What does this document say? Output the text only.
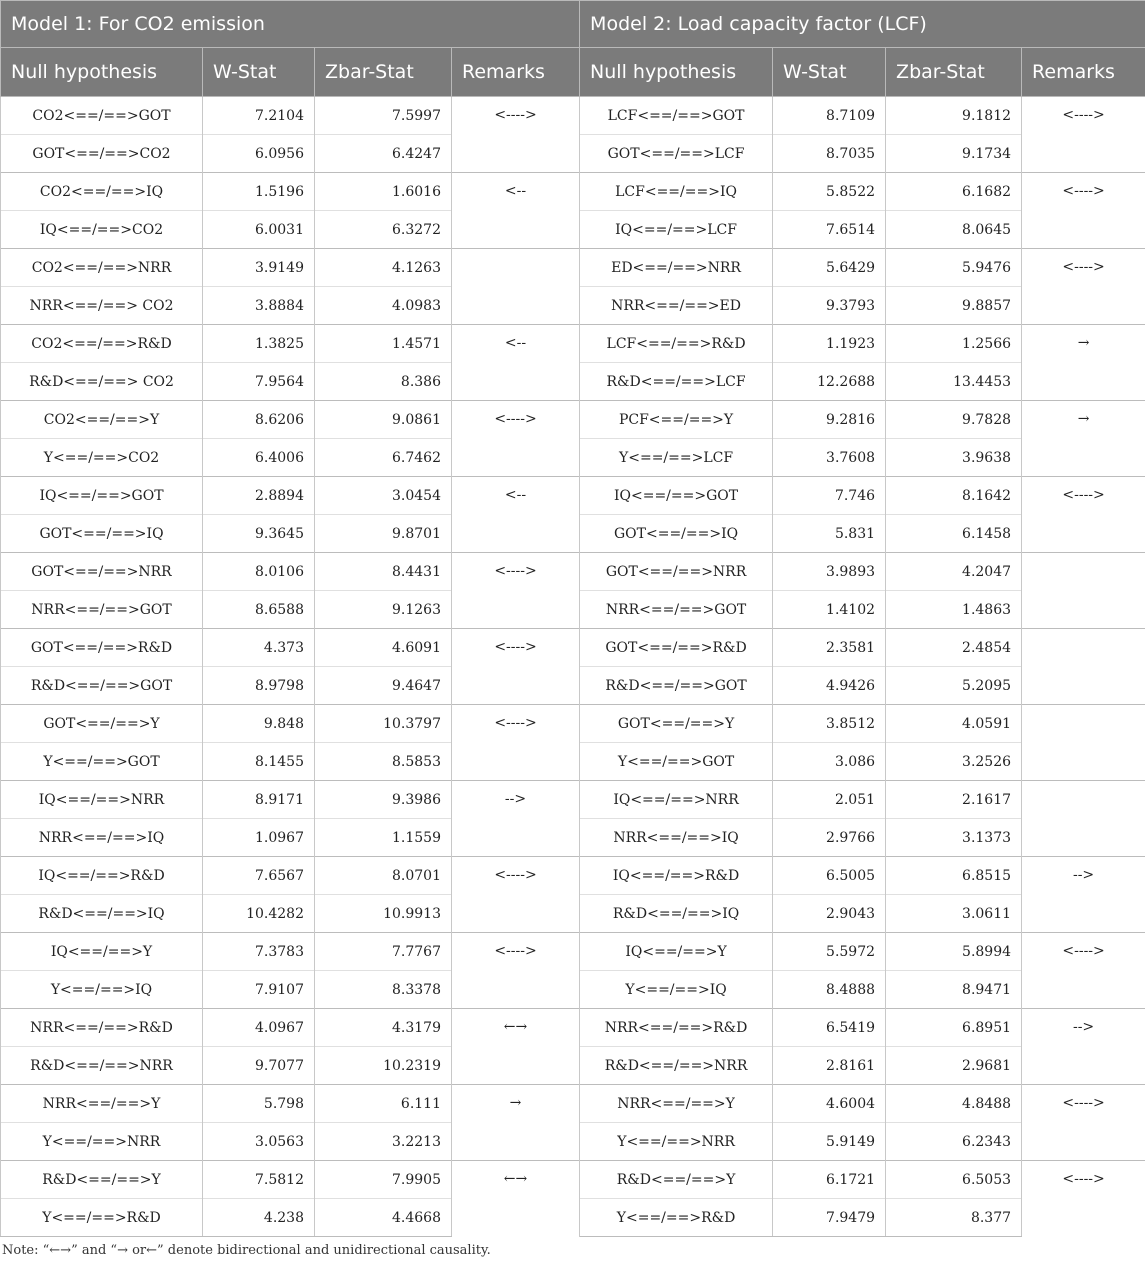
Model 1: For CO2 emission				Model 2: Load capacity factor (LCF)			
Null hypothesis	W-Stat	Zbar-Stat	Remarks	Null hypothesis	W-Stat	Zbar-Stat	Remarks
CO2<==/==>GOT	7.2104	7.5997	<---->	LCF<==/==>GOT	8.7109	9.1812	<---->
GOT<==/==>CO2	6.0956	6.4247		GOT<==/==>LCF	8.7035	9.1734	
CO2<==/==>IQ	1.5196	1.6016	<--	LCF<==/==>IQ	5.8522	6.1682	<---->
IQ<==/==>CO2	6.0031	6.3272		IQ<==/==>LCF	7.6514	8.0645	
CO2<==/==>NRR	3.9149	4.1263		ED<==/==>NRR	5.6429	5.9476	<---->
NRR<==/==> CO2	3.8884	4.0983		NRR<==/==>ED	9.3793	9.8857	
CO2<==/==>R&D	1.3825	1.4571	<--	LCF<==/==>R&D	1.1923	1.2566	→
R&D<==/==> CO2	7.9564	8.386		R&D<==/==>LCF	12.2688	13.4453	
CO2<==/==>Y	8.6206	9.0861	<---->	PCF<==/==>Y	9.2816	9.7828	→
Y<==/==>CO2	6.4006	6.7462		Y<==/==>LCF	3.7608	3.9638	
IQ<==/==>GOT	2.8894	3.0454	<--	IQ<==/==>GOT	7.746	8.1642	<---->
GOT<==/==>IQ	9.3645	9.8701		GOT<==/==>IQ	5.831	6.1458	
GOT<==/==>NRR	8.0106	8.4431	<---->	GOT<==/==>NRR	3.9893	4.2047	
NRR<==/==>GOT	8.6588	9.1263		NRR<==/==>GOT	1.4102	1.4863	
GOT<==/==>R&D	4.373	4.6091	<---->	GOT<==/==>R&D	2.3581	2.4854	
R&D<==/==>GOT	8.9798	9.4647		R&D<==/==>GOT	4.9426	5.2095	
GOT<==/==>Y	9.848	10.3797	<---->	GOT<==/==>Y	3.8512	4.0591	
Y<==/==>GOT	8.1455	8.5853		Y<==/==>GOT	3.086	3.2526	
IQ<==/==>NRR	8.9171	9.3986	-->	IQ<==/==>NRR	2.051	2.1617	
NRR<==/==>IQ	1.0967	1.1559		NRR<==/==>IQ	2.9766	3.1373	
IQ<==/==>R&D	7.6567	8.0701	<---->	IQ<==/==>R&D	6.5005	6.8515	-->
R&D<==/==>IQ	10.4282	10.9913		R&D<==/==>IQ	2.9043	3.0611	
IQ<==/==>Y	7.3783	7.7767	<---->	IQ<==/==>Y	5.5972	5.8994	<---->
Y<==/==>IQ	7.9107	8.3378		Y<==/==>IQ	8.4888	8.9471	
NRR<==/==>R&D	4.0967	4.3179	←→	NRR<==/==>R&D	6.5419	6.8951	-->
R&D<==/==>NRR	9.7077	10.2319		R&D<==/==>NRR	2.8161	2.9681	
NRR<==/==>Y	5.798	6.111	→	NRR<==/==>Y	4.6004	4.8488	<---->
Y<==/==>NRR	3.0563	3.2213		Y<==/==>NRR	5.9149	6.2343	
R&D<==/==>Y	7.5812	7.9905	←→	R&D<==/==>Y	6.1721	6.5053	<---->
Y<==/==>R&D	4.238	4.4668		Y<==/==>R&D	7.9479	8.377	
Note: “←→” and “→ or←” denote bidirectional and unidirectional causality.
